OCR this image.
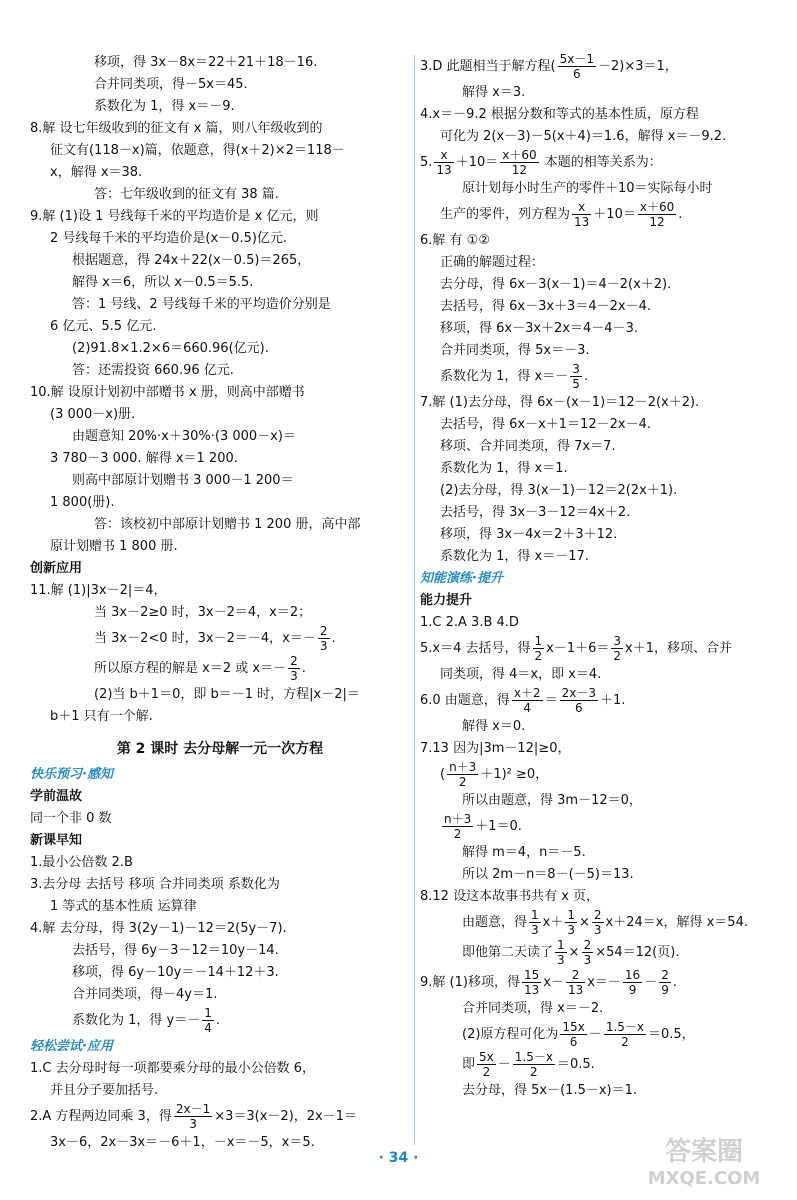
移项，得 3x－8x＝22＋21＋18－16.
合并同类项，得－5x＝45.
系数化为 1，得 x＝－9.
8.解 设七年级收到的征文有 x 篇，则八年级收到的
征文有(118－x)篇，依题意，得(x＋2)×2＝118－
x，解得 x＝38.
答：七年级收到的征文有 38 篇.
9.解 (1)设 1 号线每千米的平均造价是 x 亿元，则
2 号线每千米的平均造价是(x－0.5)亿元.
根据题意，得 24x＋22(x－0.5)＝265，
解得 x＝6，所以 x－0.5＝5.5.
答：1 号线、2 号线每千米的平均造价分别是
6 亿元、5.5 亿元.
(2)91.8×1.2×6＝660.96(亿元).
答：还需投资 660.96 亿元.
10.解 设原计划初中部赠书 x 册，则高中部赠书
(3 000－x)册.
由题意知 20%·x＋30%·(3 000－x)＝
3 780－3 000. 解得 x＝1 200.
则高中部原计划赠书 3 000－1 200＝
1 800(册).
答：该校初中部原计划赠书 1 200 册，高中部
原计划赠书 1 800 册.
创新应用
11.解 (1)|3x－2|＝4，
当 3x－2≥0 时，3x－2＝4，x＝2；
当 3x－2<0 时，3x－2＝－4，$x=- \frac{2}{3}$ .
所以原方程的解是 x＝2 或 $x=- \frac{2}{3}$ .
(2)当 b＋1＝0，即 b＝－1 时，方程|x－2|＝
b＋1 只有一个解.
第 2 课时 去分母解一元一次方程
快乐预习·感知
学前温故
同一个非 0 数
新课早知
1.最小公倍数 2.B
3.去分母 去括号 移项 合并同类项 系数化为
1 等式的基本性质 运算律
4.解 去分母，得 3(2y－1)－12＝2(5y－7).
去括号，得 6y－3－12＝10y－14.
移项，得 6y－10y＝－14＋12＋3.
合并同类项，得－4y＝1.
系数化为 1，得 $y=- \frac{1}{4}$ .
轻松尝试·应用
1.C 去分母时每一项都要乘分母的最小公倍数 6，
并且分子要加括号.
2.A 方程两边同乘 3，得 $\frac{2x-1}{3} \times 3=3(x-2)$，2x－1＝
3x－6，2x－3x＝－6＋1，－x＝－5，x＝5.
3.D 此题相当于解方程( $\frac{5x-1}{6} -2)\times 3=1$，
解得 x＝3.
4.x＝－9.2 根据分数和等式的基本性质，原方程
可化为 2(x－3)－5(x＋4)＝1.6，解得 x＝－9.2.
5. $\frac{x}{13} +10= \frac{x+60}{12}$ 本题的相等关系为：
原计划每小时生产的零件＋10＝实际每小时
生产的零件，列方程为 $\frac{x}{13} +10= \frac{x+60}{12}$ .
6.解 有 ①②
正确的解题过程：
去分母，得 6x－3(x－1)＝4－2(x＋2).
去括号，得 6x－3x＋3＝4－2x－4.
移项，得 6x－3x＋2x＝4－4－3.
合并同类项，得 5x＝－3.
系数化为 1，得 $x=- \frac{3}{5}$ .
7.解 (1)去分母，得 6x－(x－1)＝12－2(x＋2).
去括号，得 6x－x＋1＝12－2x－4.
移项、合并同类项，得 7x＝7.
系数化为 1，得 x＝1.
(2)去分母，得 3(x－1)－12＝2(2x＋1).
去括号，得 3x－3－12＝4x＋2.
移项，得 3x－4x＝2＋3＋12.
系数化为 1，得 x＝－17.
知能演练·提升
能力提升
1.C 2.A 3.B 4.D
5.x＝4 去括号，得 $\frac{1}{2} x-1+6= \frac{3}{2} x+1$，移项、合并
同类项，得 4＝x，即 x＝4.
6.0 由题意，得 $\frac{x+2}{4} = \frac{2x-3}{6} +1$.
解得 x＝0.
7.13 因为|3m－12|≥0，
( $\frac{n+3}{2} +1)^2 \ge 0$，
所以由题意，得 3m－12＝0，
$\frac{n+3}{2} +1=0$.
解得 m＝4，n＝－5.
所以 2m－n＝8－(－5)＝13.
8.12 设这本故事书共有 x 页，
由题意，得 $\frac{1}{3} x+ \frac{1}{3} \times \frac{2}{3} x+24=x$，解得 x＝54.
即他第二天读了 $\frac{1}{3} \times \frac{2}{3} \times 54=12$(页).
9.解 (1)移项，得 $\frac{15}{13} x- \frac{2}{13} x=- \frac{16}{9} - \frac{2}{9}$ .
合并同类项，得 x＝－2.
(2)原方程可化为 $\frac{15x}{6} - \frac{1.5-x}{2} =0.5$，
即 $\frac{5x}{2} - \frac{1.5-x}{2} =0.5$.
去分母，得 5x－(1.5－x)＝1.
· 34 ·	答案圈
MXQE.COM
